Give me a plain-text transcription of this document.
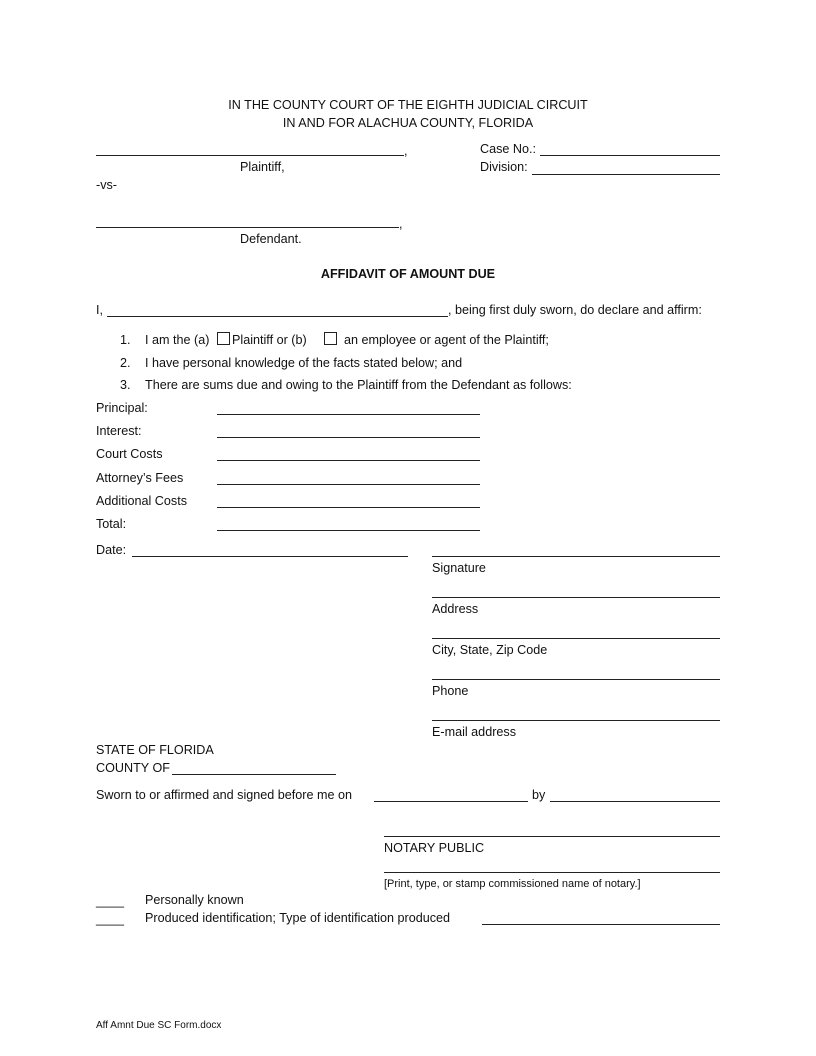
IN THE COUNTY COURT OF THE EIGHTH JUDICIAL CIRCUIT
IN AND FOR ALACHUA COUNTY, FLORIDA
,
Plaintiff,
Case No.:
Division:
-vs-
,
Defendant.
AFFIDAVIT OF AMOUNT DUE
I,	, being first duly sworn, do declare and affirm:
1. I am the (a) Plaintiff or (b)	an employee or agent of the Plaintiff;
2. I have personal knowledge of the facts stated below; and
3. There are sums due and owing to the Plaintiff from the Defendant as follows:
Principal:
Interest:
Court Costs
Attorney’s Fees
Additional Costs
Total:
Date:
Signature
Address
City, State, Zip Code
Phone
E-mail address
STATE OF FLORIDA
COUNTY OF
Sworn to or affirmed and signed before me on	by
NOTARY PUBLIC
[Print, type, or stamp commissioned name of notary.]
____ Personally known
____ Produced identification; Type of identification produced
Aff Amnt Due SC Form.docx
